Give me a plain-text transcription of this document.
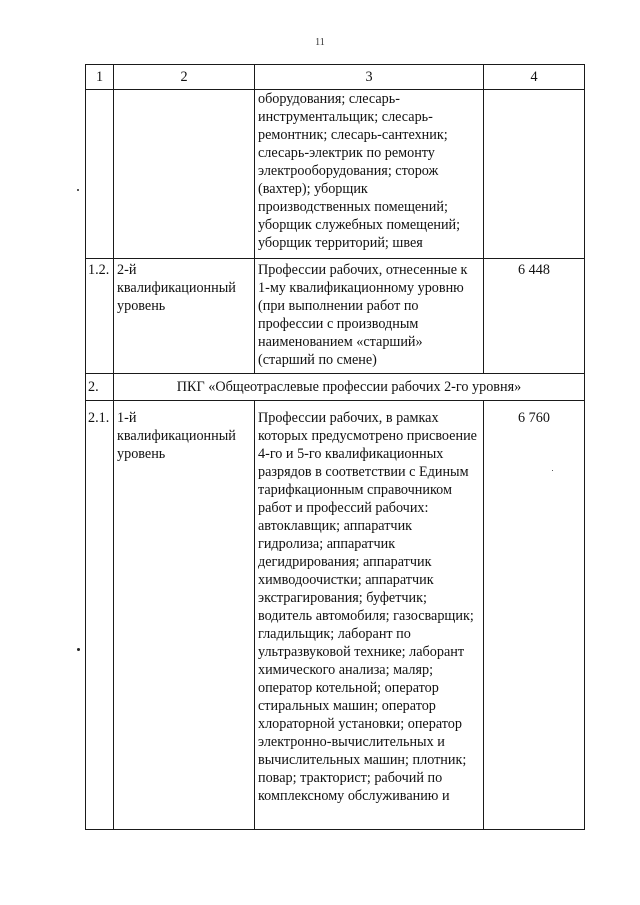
11
1	2	3	4
		оборудования; слесарь-инструментальщик; слесарь-ремонтник; слесарь-сантехник; слесарь-электрик по ремонту электрооборудования; сторож (вахтер); уборщик производственных помещений; уборщик служебных помещений; уборщик территорий; швея	
1.2.	2-й квалификационный уровень	Профессии рабочих, отнесенные к 1-му квалификационному уровню (при выполнении работ по профессии с производным наименованием «старший» (старший по смене)	6 448
2.	ПКГ «Общеотраслевые профессии рабочих 2-го уровня»		
2.1.	1-й квалификационный уровень	Профессии рабочих, в рамках которых предусмотрено присвоение 4-го и 5-го квалификационных разрядов в соответствии с Единым тарифкационным справочником работ и профессий рабочих: автоклавщик; аппаратчик гидролиза; аппаратчик дегидрирования; аппаратчик химводоочистки; аппаратчик экстрагирования; буфетчик; водитель автомобиля; газосварщик; гладильщик; лаборант по ультразвуковой технике; лаборант химического анализа; маляр; оператор котельной; оператор стиральных машин; оператор хлораторной установки; оператор электронно-вычислительных и вычислительных машин; плотник; повар; тракторист; рабочий по комплексному обслуживанию и	6 760
